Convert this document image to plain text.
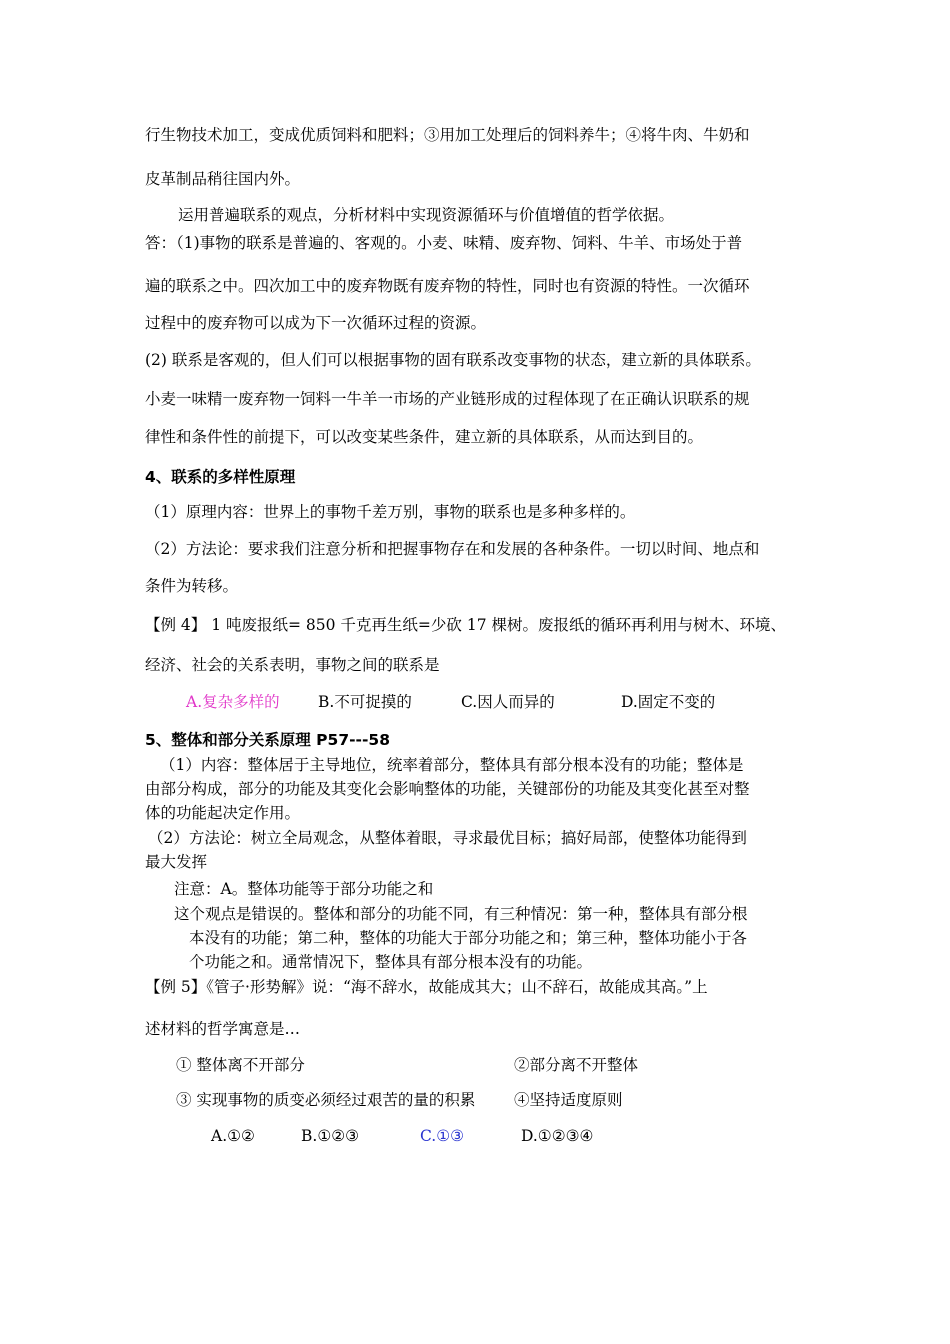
行生物技术加工，变成优质饲料和肥料；③用加工处理后的饲料养牛；④将牛肉、牛奶和
皮革制品稍往国内外。
运用普遍联系的观点，分析材料中实现资源循环与价值增值的哲学依据。
答：（1)事物的联系是普遍的、客观的。小麦、味精、废弃物、饲料、牛羊、市场处于普
遍的联系之中。四次加工中的废弃物既有废弃物的特性，同时也有资源的特性。一次循环
过程中的废弃物可以成为下一次循环过程的资源。
(2) 联系是客观的，但人们可以根据事物的固有联系改变事物的状态，建立新的具体联系。
小麦一味精一废弃物一饲料一牛羊一市场的产业链形成的过程体现了在正确认识联系的规
律性和条件性的前提下，可以改变某些条件，建立新的具体联系，从而达到目的。
4、联系的多样性原理
（1）原理内容：世界上的事物千差万别，事物的联系也是多种多样的。
（2）方法论：要求我们注意分析和把握事物存在和发展的各种条件。一切以时间、地点和
条件为转移。
【例 4】 1 吨废报纸= 850 千克再生纸=少砍 17 棵树。废报纸的循环再利用与树木、环境、
经济、社会的关系表明，事物之间的联系是
A.复杂多样的 B.不可捉摸的	C.因人而异的	D.固定不变的
5、整体和部分关系原理 P57---58
（1）内容：整体居于主导地位，统率着部分，整体具有部分根本没有的功能；整体是
由部分构成，部分的功能及其变化会影响整体的功能，关键部份的功能及其变化甚至对整
体的功能起决定作用。
（2）方法论：树立全局观念，从整体着眼，寻求最优目标；搞好局部，使整体功能得到
最大发挥
注意：A。整体功能等于部分功能之和
这个观点是错误的。整体和部分的功能不同，有三种情况：第一种，整体具有部分根
本没有的功能；第二种，整体的功能大于部分功能之和；第三种，整体功能小于各
个功能之和。通常情况下，整体具有部分根本没有的功能。
【例 5】《管子·形势解》说：“海不辞水，故能成其大；山不辞石，故能成其高。”上
述材料的哲学寓意是…
① 整体离不开部分	②部分离不开整体
③ 实现事物的质变必须经过艰苦的量的积累 ④坚持适度原则
A.①②	B.①②③	C.①③	D.①②③④
